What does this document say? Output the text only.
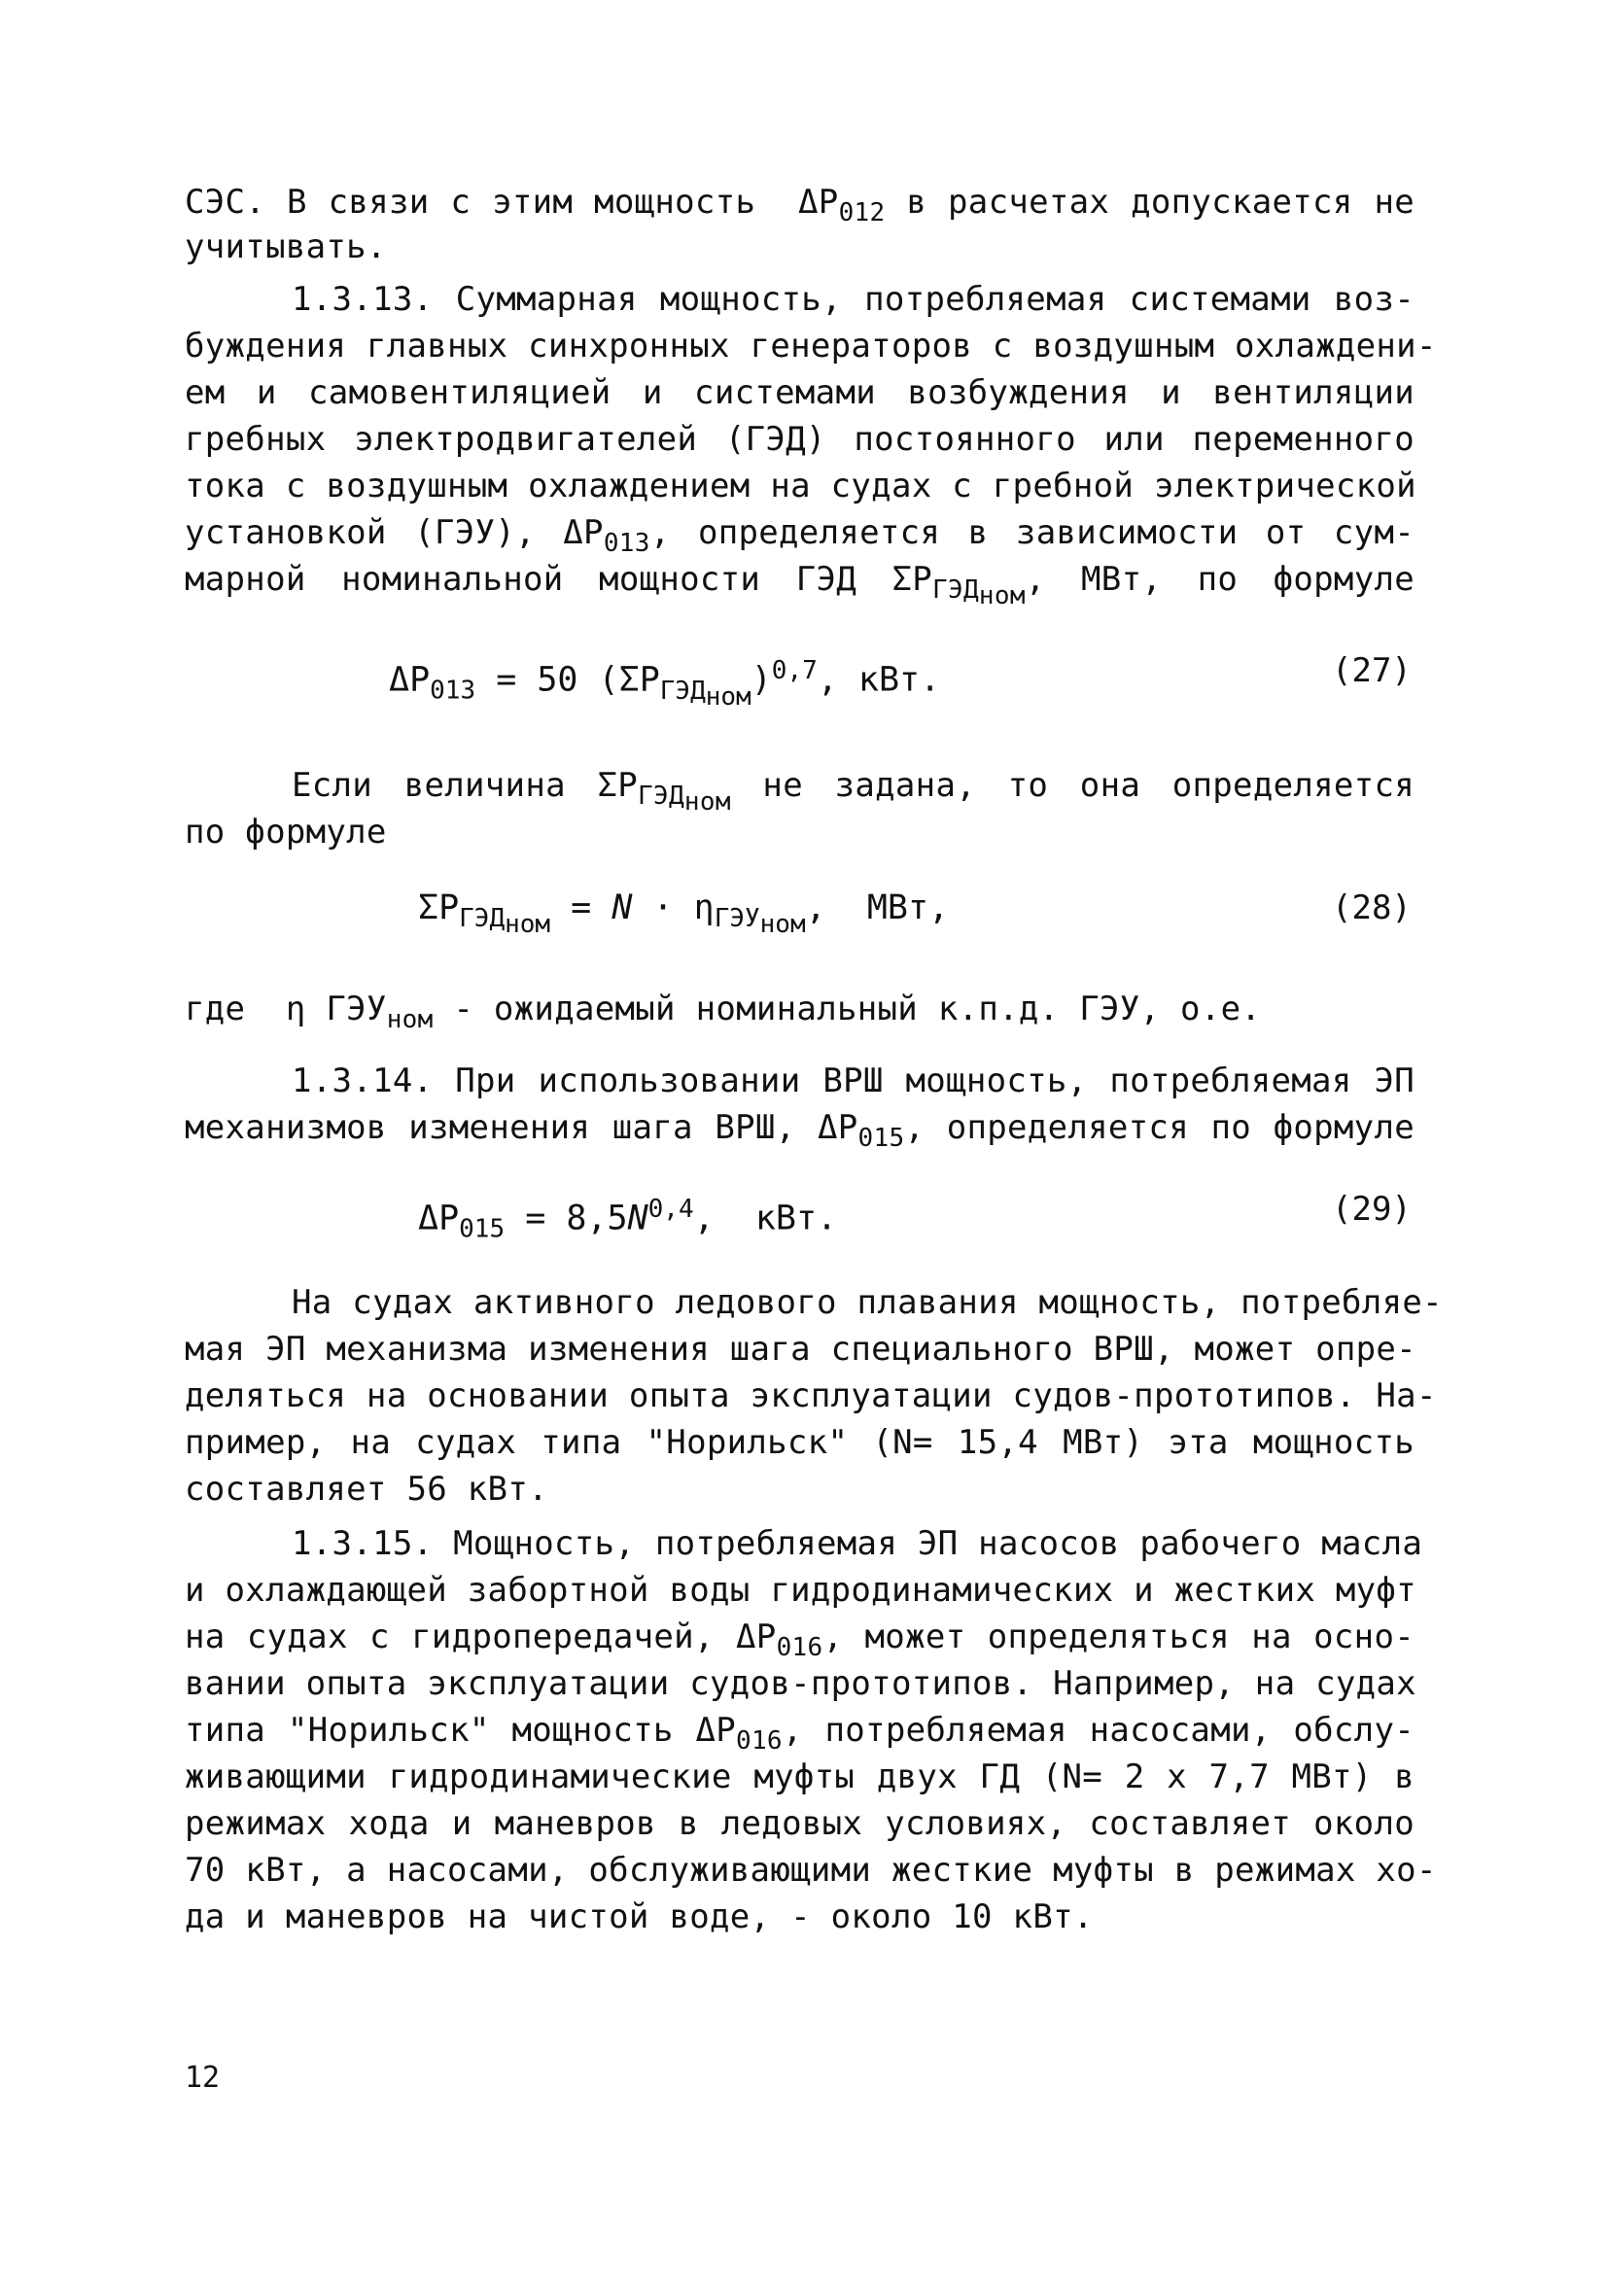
СЭС. В связи с этим мощность  $\Delta P_{012}$ в расчетах допускается не
учитывать.
1.3.13. Суммарная мощность, потребляемая системами воз-
буждения главных синхронных генераторов с воздушным охлаждени-
ем и самовентиляцией и системами возбуждения и вентиляции
гребных электродвигателей (ГЭД) постоянного или переменного
тока с воздушным охлаждением на судах с гребной электрической
установкой (ГЭУ), $\Delta P_{013}$, определяется в зависимости от сум-
марной номинальной мощности ГЭД $\Sigma P_{ГЭД_{ном}}$, МВт, по формуле
$\Delta P_{013} = 50$ $(\Sigma P_{ГЭД_{ном}})^{0,7}$, кВт.	(27)
Если величина $\Sigma P_{ГЭД_{ном}}$ не задана, то она определяется
по формуле
$\Sigma P_{ГЭД_{ном}} = N \cdot \eta_{ГЭУ_{ном}}$,  МВт,	(28)
где  η $ГЭУ_{ном}$ - ожидаемый номинальный к.п.д. ГЭУ, о.е.
1.3.14. При использовании ВРШ мощность, потребляемая ЭП
механизмов изменения шага ВРШ, $\Delta P_{015}$, определяется по формуле
$\Delta P_{015} = 8,5N^{0,4}$,  кВт.	(29)
На судах активного ледового плавания мощность, потребляе-
мая ЭП механизма изменения шага специального ВРШ, может опре-
деляться на основании опыта эксплуатации судов-прототипов. На-
пример, на судах типа "Норильск" (N= 15,4 МВт) эта мощность
составляет 56 кВт.
1.3.15. Мощность, потребляемая ЭП насосов рабочего масла
и охлаждающей забортной воды гидродинамических и жестких муфт
на судах с гидропередачей, $\Delta P_{016}$, может определяться на осно-
вании опыта эксплуатации судов-прототипов. Например, на судах
типа "Норильск" мощность $\Delta P_{016}$, потребляемая насосами, обслу-
живающими гидродинамические муфты двух ГД (N= 2 x 7,7 МВт) в
режимах хода и маневров в ледовых условиях, составляет около
70 кВт, а насосами, обслуживающими жесткие муфты в режимах хо-
да и маневров на чистой воде, - около 10 кВт.
12
